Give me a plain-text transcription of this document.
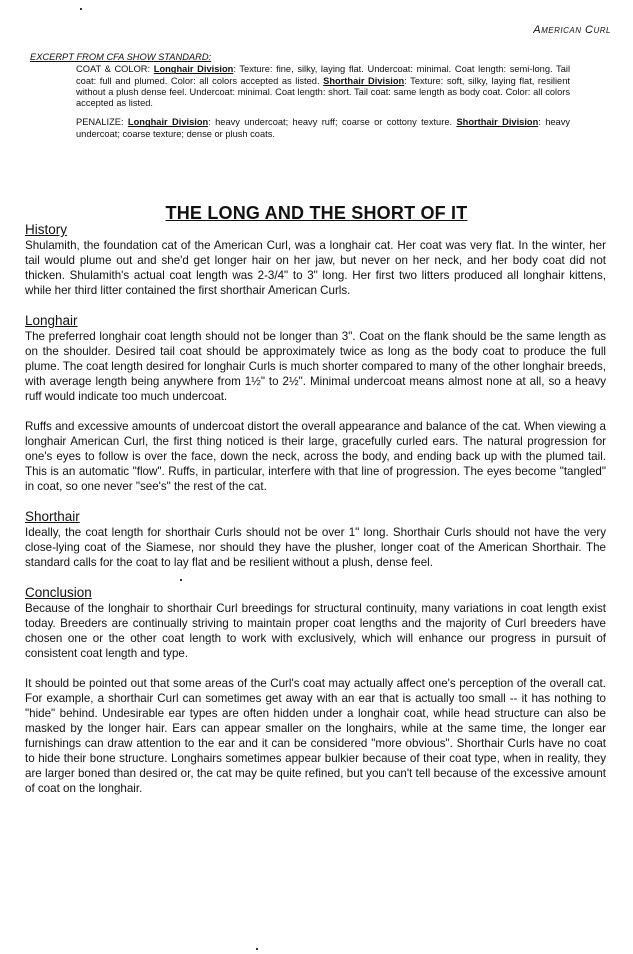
American Curl
EXCERPT FROM CFA SHOW STANDARD:

COAT & COLOR: Longhair Division: Texture: fine, silky, laying flat. Undercoat: minimal. Coat length: semi-long. Tail coat: full and plumed. Color: all colors accepted as listed. Shorthair Division: Texture: soft, silky, laying flat, resilient without a plush dense feel. Undercoat: minimal. Coat length: short. Tail coat: same length as body coat. Color: all colors accepted as listed.

PENALIZE: Longhair Division: heavy undercoat; heavy ruff; coarse or cottony texture. Shorthair Division: heavy undercoat; coarse texture; dense or plush coats.

THE LONG AND THE SHORT OF IT
History

Shulamith, the foundation cat of the American Curl, was a longhair cat. Her coat was very flat. In the winter, her tail would plume out and she'd get longer hair on her jaw, but never on her neck, and her body coat did not thicken. Shulamith's actual coat length was 2-3/4" to 3" long. Her first two litters produced all longhair kittens, while her third litter contained the first shorthair American Curls.

Longhair

The preferred longhair coat length should not be longer than 3". Coat on the flank should be the same length as on the shoulder. Desired tail coat should be approximately twice as long as the body coat to produce the full plume. The coat length desired for longhair Curls is much shorter compared to many of the other longhair breeds, with average length being anywhere from 1½" to 2½". Minimal undercoat means almost none at all, so a heavy ruff would indicate too much undercoat.

Ruffs and excessive amounts of undercoat distort the overall appearance and balance of the cat. When viewing a longhair American Curl, the first thing noticed is their large, gracefully curled ears. The natural progression for one's eyes to follow is over the face, down the neck, across the body, and ending back up with the plumed tail. This is an automatic "flow". Ruffs, in particular, interfere with that line of progression. The eyes become "tangled" in coat, so one never "see's" the rest of the cat.

Shorthair

Ideally, the coat length for shorthair Curls should not be over 1" long. Shorthair Curls should not have the very close-lying coat of the Siamese, nor should they have the plusher, longer coat of the American Shorthair. The standard calls for the coat to lay flat and be resilient without a plush, dense feel.

Conclusion

Because of the longhair to shorthair Curl breedings for structural continuity, many variations in coat length exist today. Breeders are continually striving to maintain proper coat lengths and the majority of Curl breeders have chosen one or the other coat length to work with exclusively, which will enhance our progress in pursuit of consistent coat length and type.

It should be pointed out that some areas of the Curl's coat may actually affect one's perception of the overall cat. For example, a shorthair Curl can sometimes get away with an ear that is actually too small -- it has nothing to "hide" behind. Undesirable ear types are often hidden under a longhair coat, while head structure can also be masked by the longer hair. Ears can appear smaller on the longhairs, while at the same time, the longer ear furnishings can draw attention to the ear and it can be considered "more obvious". Shorthair Curls have no coat to hide their bone structure. Longhairs sometimes appear bulkier because of their coat type, when in reality, they are larger boned than desired or, the cat may be quite refined, but you can't tell because of the excessive amount of coat on the longhair.
